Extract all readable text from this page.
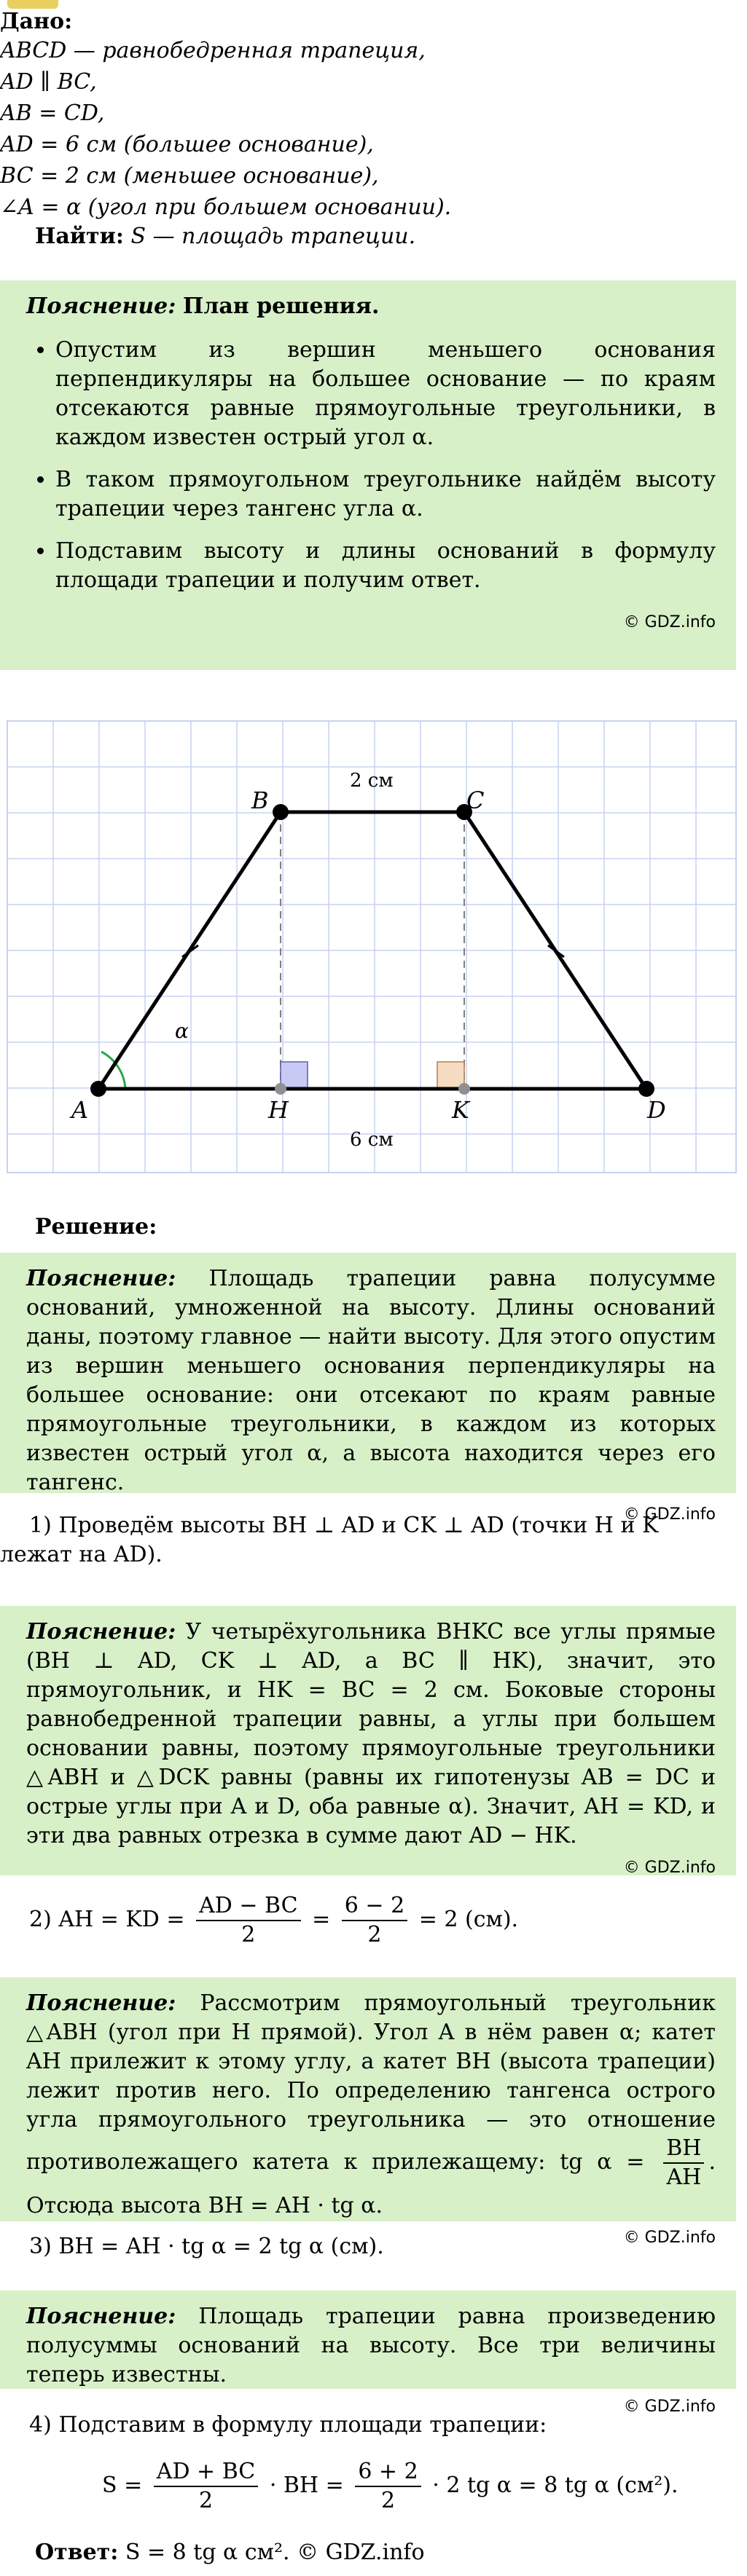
Дано:
ABCD — равнобедренная трапеция,
AD ∥ BC,
AB = CD,
AD = 6 см (большее основание),
BC = 2 см (меньшее основание),
∠A = α (угол при большем основании).
Найти: S — площадь трапеции.

Пояснение: План решения.

• Опустим из вершин меньшего основания перпендикуляры на большее основание — по краям отсекаются равные прямоугольные треугольники, в каждом известен острый угол α.
• В таком прямоугольном треугольнике найдём высоту трапеции через тангенс угла α.
• Подставим высоту и длины оснований в формулу площади трапеции и получим ответ.
© GDZ.info
A
B	C
D
H	K
α
2 см
6 см
Решение:

Пояснение: Площадь трапеции равна полусумме оснований, умноженной на высоту. Длины оснований даны, поэтому главное — найти высоту. Для этого опустим из вершин меньшего основания перпендикуляры на большее основание: они отсекают по краям равные прямоугольные треугольники, в каждом из которых известен острый угол α, а высота находится через его тангенс.

© GDZ.info
1) Проведём высоты BH ⊥ AD и CK ⊥ AD (точки H и K лежат на AD).

Пояснение: У четырёхугольника BHKC все углы прямые (BH ⊥ AD, CK ⊥ AD, а BC ∥ HK), значит, это прямоугольник, и HK = BC = 2 см. Боковые стороны равнобедренной трапеции равны, а углы при большем основании равны, поэтому прямоугольные треугольники △ABH и △DCK равны (равны их гипотенузы AB = DC и острые углы при A и D, оба равные α). Значит, AH = KD, и эти два равных отрезка в сумме дают AD − HK.

© GDZ.info
2) AH = KD = $\frac{AD - BC}{2} = \frac{6 - 2}{2} = 2$ (см).

Пояснение: Рассмотрим прямоугольный треугольник △ABH (угол при H прямой). Угол A в нём равен α; катет AH прилежит к этому углу, а катет BH (высота трапеции) лежит против него. По определению тангенса острого угла прямоугольного треугольника — это отношение противолежащего катета к прилежащему: tg $\alpha = \frac{BH}{AH}$ . Отсюда высота BH = AH · tg α.

© GDZ.info
3) BH = AH · tg α = 2 tg α (см).

Пояснение: Площадь трапеции равна произведению полусуммы оснований на высоту. Все три величины теперь известны.

© GDZ.info
4) Подставим в формулу площади трапеции:
$S = \frac{AD + BC}{2}$ · BH = $\frac{6 + 2}{2} \cdot 2$ tg α = 8 tg α (см²).
Ответ: S = 8 tg α см². © GDZ.info
